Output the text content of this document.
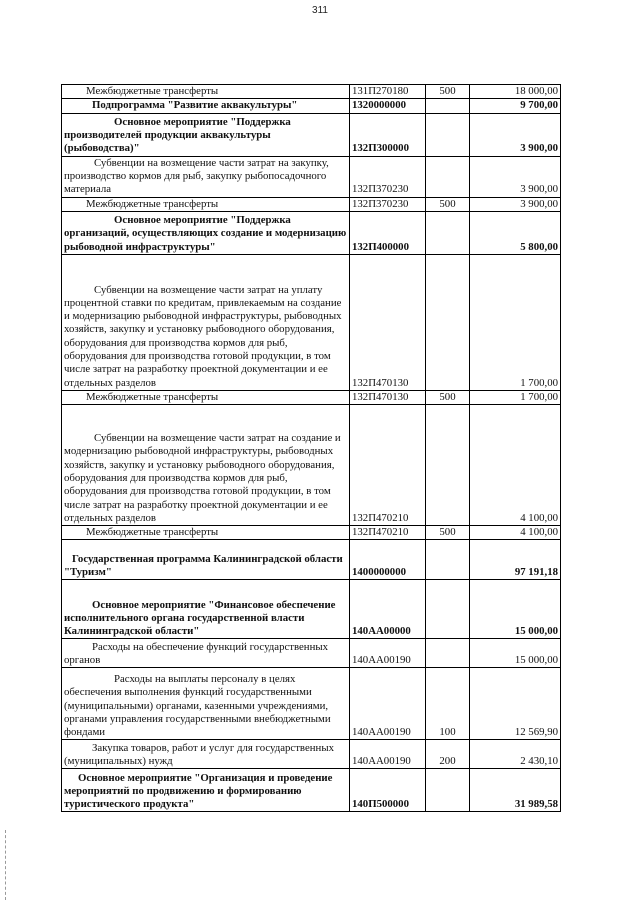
311
Межбюджетные трансферты	131П270180	500	18 000,00
Подпрограмма "Развитие аквакультуры"	1320000000		9 700,00
Основное мероприятие "Поддержка производителей продукции аквакультуры (рыбоводства)"	132П300000		3 900,00
Субвенции на возмещение части затрат на закупку, производство кормов для рыб, закупку рыбопосадочного материала	132П370230		3 900,00
Межбюджетные трансферты	132П370230	500	3 900,00
Основное мероприятие "Поддержка организаций, осуществляющих создание и модернизацию рыбоводной инфраструктуры"	132П400000		5 800,00
Субвенции на возмещение части затрат на уплату процентной ставки по кредитам, привлекаемым на создание и модернизацию рыбоводной инфраструктуры, рыбоводных хозяйств, закупку и установку рыбоводного оборудования, оборудования для производства кормов для рыб, оборудования для производства готовой продукции, в том числе затрат на разработку проектной документации и ее отдельных разделов	132П470130		1 700,00
Межбюджетные трансферты	132П470130	500	1 700,00
Субвенции на возмещение части затрат на создание и модернизацию рыбоводной инфраструктуры, рыбоводных хозяйств, закупку и установку рыбоводного оборудования, оборудования для производства кормов для рыб, оборудования для производства готовой продукции, в том числе затрат на разработку проектной документации и ее отдельных разделов	132П470210		4 100,00
Межбюджетные трансферты	132П470210	500	4 100,00
Государственная программа Калининградской области "Туризм"	1400000000		97 191,18
Основное мероприятие "Финансовое обеспечение исполнительного органа государственной власти Калининградской области"	140АА00000		15 000,00
Расходы на обеспечение функций государственных органов	140АА00190		15 000,00
Расходы на выплаты персоналу в целях обеспечения выполнения функций государственными (муниципальными) органами, казенными учреждениями, органами управления государственными внебюджетными фондами	140АА00190	100	12 569,90
Закупка товаров, работ и услуг для государственных (муниципальных) нужд	140АА00190	200	2 430,10
Основное мероприятие "Организация и проведение мероприятий по продвижению и формированию туристического продукта"	140П500000		31 989,58
